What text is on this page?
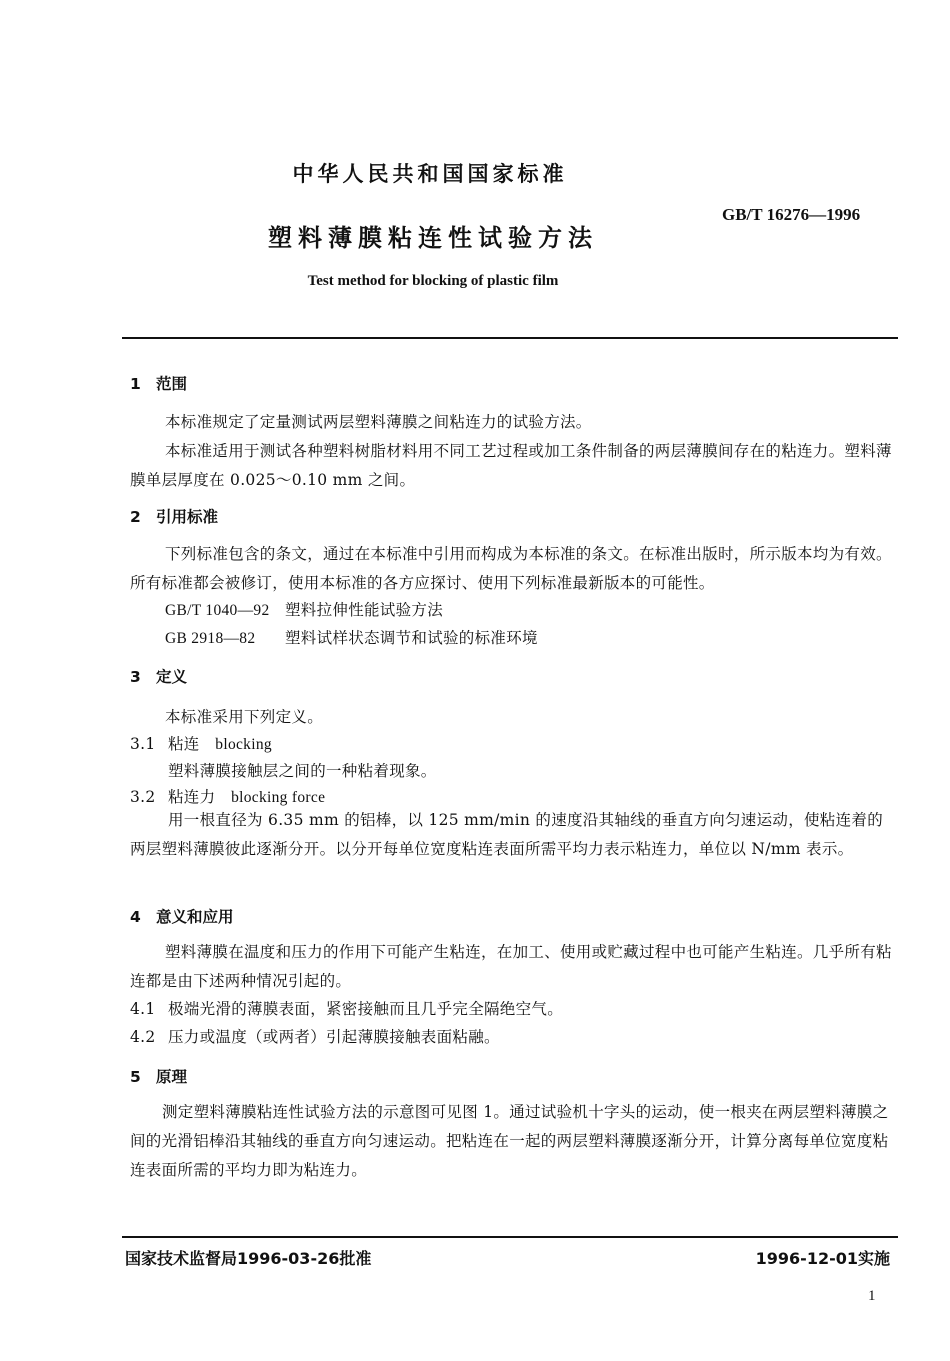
中华人民共和国国家标准
GB/T 16276—1996
塑料薄膜粘连性试验方法
Test method for blocking of plastic film
1 范围
本标准规定了定量测试两层塑料薄膜之间粘连力的试验方法。
本标准适用于测试各种塑料树脂材料用不同工艺过程或加工条件制备的两层薄膜间存在的粘连力。塑料薄膜单层厚度在 0.025～0.10 mm 之间。
2 引用标准
下列标准包含的条文，通过在本标准中引用而构成为本标准的条文。在标准出版时，所示版本均为有效。所有标准都会被修订，使用本标准的各方应探讨、使用下列标准最新版本的可能性。
GB/T 1040—92 塑料拉伸性能试验方法
GB 2918—82 塑料试样状态调节和试验的标准环境
3 定义
本标准采用下列定义。
3.1 粘连 blocking
塑料薄膜接触层之间的一种粘着现象。
3.2 粘连力 blocking force
用一根直径为 6.35 mm 的铝棒，以 125 mm/min 的速度沿其轴线的垂直方向匀速运动，使粘连着的两层塑料薄膜彼此逐渐分开。以分开每单位宽度粘连表面所需平均力表示粘连力，单位以 N/mm 表示。
4 意义和应用
塑料薄膜在温度和压力的作用下可能产生粘连，在加工、使用或贮藏过程中也可能产生粘连。几乎所有粘连都是由下述两种情况引起的。
4.1 极端光滑的薄膜表面，紧密接触而且几乎完全隔绝空气。
4.2 压力或温度（或两者）引起薄膜接触表面粘融。
5 原理
测定塑料薄膜粘连性试验方法的示意图可见图 1。通过试验机十字头的运动，使一根夹在两层塑料薄膜之间的光滑铝棒沿其轴线的垂直方向匀速运动。把粘连在一起的两层塑料薄膜逐渐分开，计算分离每单位宽度粘连表面所需的平均力即为粘连力。
国家技术监督局1996-03-26批准	1996-12-01实施
1
